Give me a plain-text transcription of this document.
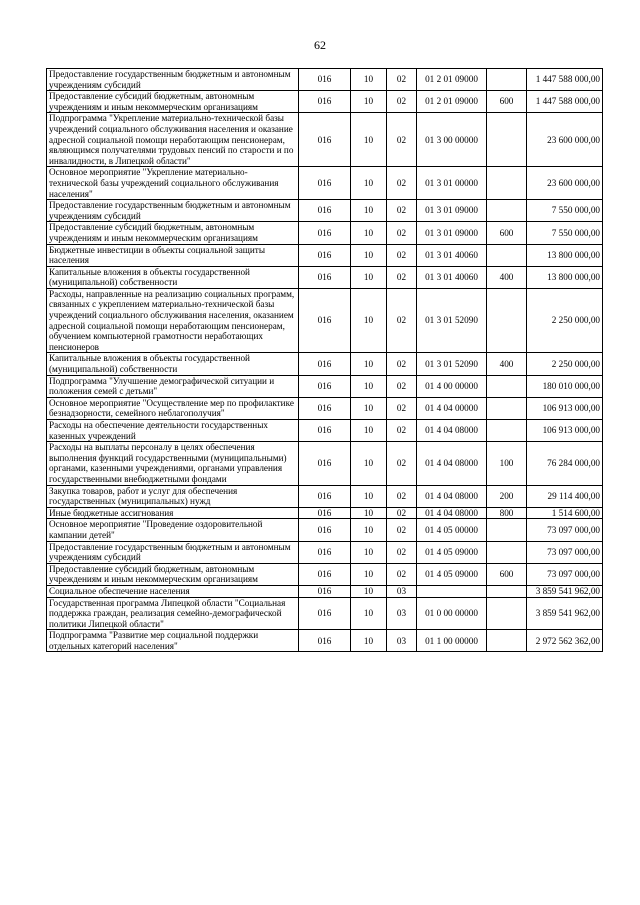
62
Предоставление государственным бюджетным и автономным учреждениям субсидий	016	10	02	01 2 01 09000		1 447 588 000,00
Предоставление субсидий бюджетным, автономным учреждениям и иным некоммерческим организациям	016	10	02	01 2 01 09000	600	1 447 588 000,00
Подпрограмма "Укрепление материально-технической базы учреждений социального обслуживания населения и оказание адресной социальной помощи неработающим пенсионерам, являющимся получателями трудовых пенсий по старости и по инвалидности, в Липецкой области"	016	10	02	01 3 00 00000		23 600 000,00
Основное мероприятие "Укрепление материально-технической базы учреждений социального обслуживания населения"	016	10	02	01 3 01 00000		23 600 000,00
Предоставление государственным бюджетным и автономным учреждениям субсидий	016	10	02	01 3 01 09000		7 550 000,00
Предоставление субсидий бюджетным, автономным учреждениям и иным некоммерческим организациям	016	10	02	01 3 01 09000	600	7 550 000,00
Бюджетные инвестиции в объекты социальной защиты населения	016	10	02	01 3 01 40060		13 800 000,00
Капитальные вложения в объекты государственной (муниципальной) собственности	016	10	02	01 3 01 40060	400	13 800 000,00
Расходы, направленные на реализацию социальных программ, связанных с укреплением материально-технической базы учреждений социального обслуживания населения, оказанием адресной социальной помощи неработающим пенсионерам, обучением компьютерной грамотности неработающих пенсионеров	016	10	02	01 3 01 52090		2 250 000,00
Капитальные вложения в объекты государственной (муниципальной) собственности	016	10	02	01 3 01 52090	400	2 250 000,00
Подпрограмма "Улучшение демографической ситуации и положения семей с детьми"	016	10	02	01 4 00 00000		180 010 000,00
Основное мероприятие "Осуществление мер по профилактике безнадзорности, семейного неблагополучия"	016	10	02	01 4 04 00000		106 913 000,00
Расходы на обеспечение деятельности государственных казенных учреждений	016	10	02	01 4 04 08000		106 913 000,00
Расходы на выплаты персоналу в целях обеспечения выполнения функций государственными (муниципальными) органами, казенными учреждениями, органами управления государственными внебюджетными фондами	016	10	02	01 4 04 08000	100	76 284 000,00
Закупка товаров, работ и услуг для обеспечения государственных (муниципальных) нужд	016	10	02	01 4 04 08000	200	29 114 400,00
Иные бюджетные ассигнования	016	10	02	01 4 04 08000	800	1 514 600,00
Основное мероприятие "Проведение оздоровительной кампании детей"	016	10	02	01 4 05 00000		73 097 000,00
Предоставление государственным бюджетным и автономным учреждениям субсидий	016	10	02	01 4 05 09000		73 097 000,00
Предоставление субсидий бюджетным, автономным учреждениям и иным некоммерческим организациям	016	10	02	01 4 05 09000	600	73 097 000,00
Социальное обеспечение населения	016	10	03			3 859 541 962,00
Государственная программа Липецкой области "Социальная поддержка граждан, реализация семейно-демографической политики Липецкой области"	016	10	03	01 0 00 00000		3 859 541 962,00
Подпрограмма "Развитие мер социальной поддержки отдельных категорий населения"	016	10	03	01 1 00 00000		2 972 562 362,00
